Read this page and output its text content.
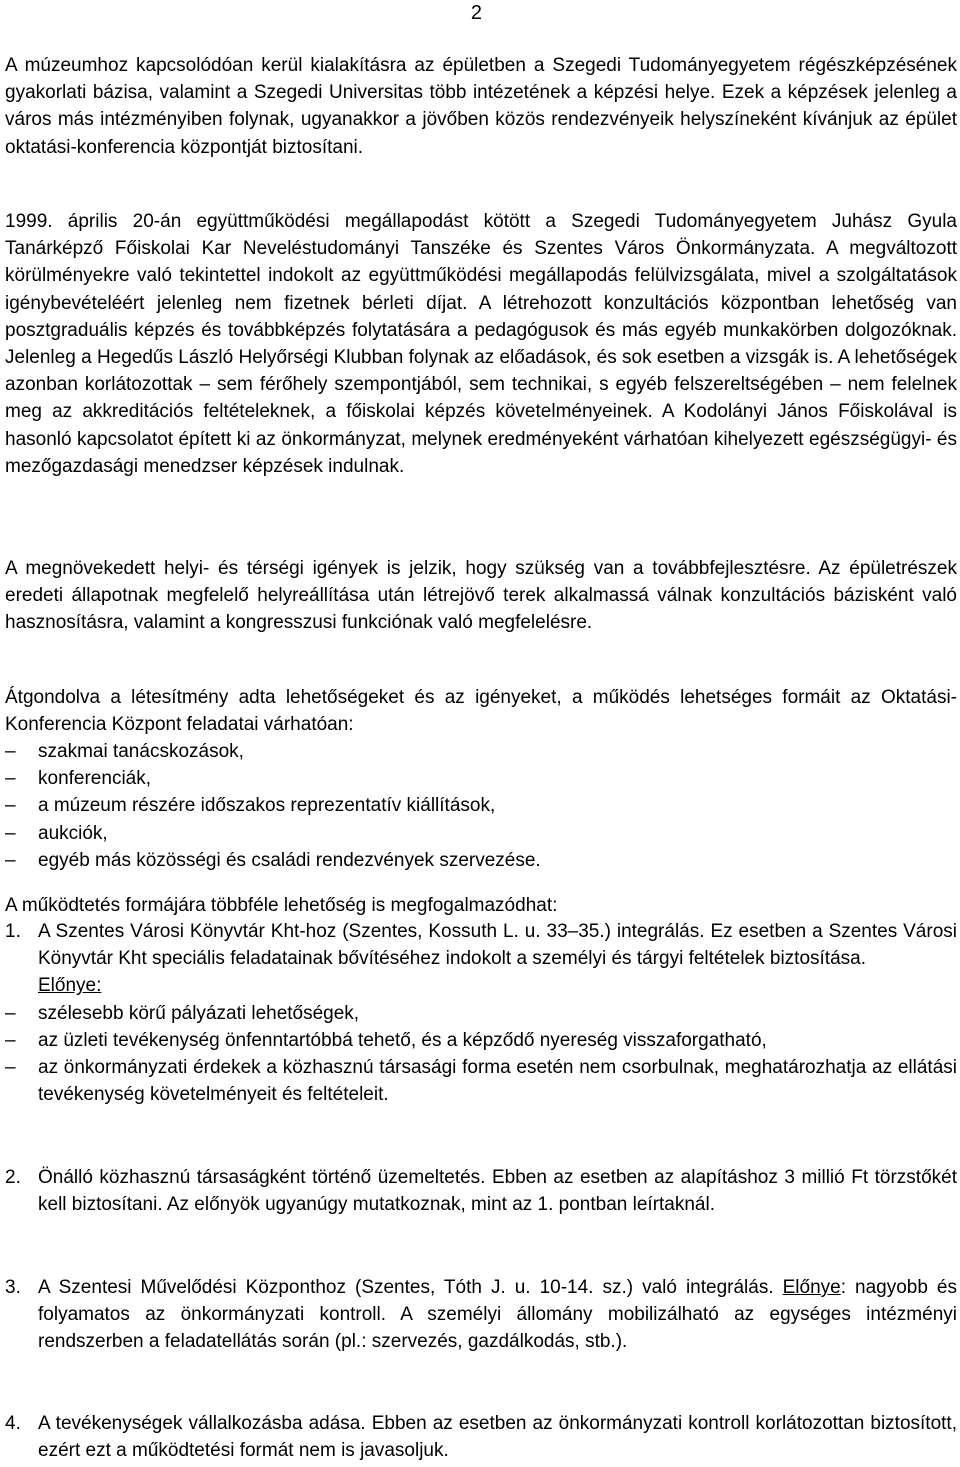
2

A múzeumhoz kapcsolódóan kerül kialakításra az épületben a Szegedi Tudományegyetem régészképzésének gyakorlati bázisa, valamint a Szegedi Universitas több intézetének a képzési helye. Ezek a képzések jelenleg a város más intézményiben folynak, ugyanakkor a jövőben közös rendezvényeik helyszíneként kívánjuk az épület oktatási-konferencia központját biztosítani.

1999. április 20-án együttműködési megállapodást kötött a Szegedi Tudományegyetem Juhász Gyula Tanárképző Főiskolai Kar Neveléstudományi Tanszéke és Szentes Város Önkormányzata. A megváltozott körülményekre való tekintettel indokolt az együttműködési megállapodás felülvizsgálata, mivel a szolgáltatások igénybevételéért jelenleg nem fizetnek bérleti díjat. A létrehozott konzultációs központban lehetőség van posztgraduális képzés és továbbképzés folytatására a pedagógusok és más egyéb munkakörben dolgozóknak. Jelenleg a Hegedűs László Helyőrségi Klubban folynak az előadások, és sok esetben a vizsgák is. A lehetőségek azonban korlátozottak – sem férőhely szempontjából, sem technikai, s egyéb felszereltségében – nem felelnek meg az akkreditációs feltételeknek, a főiskolai képzés követelményeinek. A Kodolányi János Főiskolával is hasonló kapcsolatot épített ki az önkormányzat, melynek eredményeként várhatóan kihelyezett egészségügyi- és mezőgazdasági menedzser képzések indulnak.

A megnövekedett helyi- és térségi igények is jelzik, hogy szükség van a továbbfejlesztésre. Az épületrészek eredeti állapotnak megfelelő helyreállítása után létrejövő terek alkalmassá válnak konzultációs bázisként való hasznosításra, valamint a kongresszusi funkciónak való megfelelésre.

Átgondolva a létesítmény adta lehetőségeket és az igényeket, a működés lehetséges formáit az Oktatási-Konferencia Központ feladatai várhatóan:

– szakmai tanácskozások,
– konferenciák,
– a múzeum részére időszakos reprezentatív kiállítások,
– aukciók,
– egyéb más közösségi és családi rendezvények szervezése.

A működtetés formájára többféle lehetőség is megfogalmazódhat:

1. A Szentes Városi Könyvtár Kht-hoz (Szentes, Kossuth L. u. 33–35.) integrálás. Ez esetben a Szentes Városi Könyvtár Kht speciális feladatainak bővítéséhez indokolt a személyi és tárgyi feltételek biztosítása.

Előnye:

– szélesebb körű pályázati lehetőségek,
– az üzleti tevékenység önfenntartóbbá tehető, és a képződő nyereség visszaforgatható,
– az önkormányzati érdekek a közhasznú társasági forma esetén nem csorbulnak, meghatározhatja az ellátási tevékenység követelményeit és feltételeit.
2. Önálló közhasznú társaságként történő üzemeltetés. Ebben az esetben az alapításhoz 3 millió Ft törzstőkét kell biztosítani. Az előnyök ugyanúgy mutatkoznak, mint az 1. pontban leírtaknál.

3. A Szentesi Művelődési Központhoz (Szentes, Tóth J. u. 10-14. sz.) való integrálás. Előnye: nagyobb és folyamatos az önkormányzati kontroll. A személyi állomány mobilizálható az egységes intézményi rendszerben a feladatellátás során (pl.: szervezés, gazdálkodás, stb.).

4. A tevékenységek vállalkozásba adása. Ebben az esetben az önkormányzati kontroll korlátozottan biztosított, ezért ezt a működtetési formát nem is javasoljuk.
